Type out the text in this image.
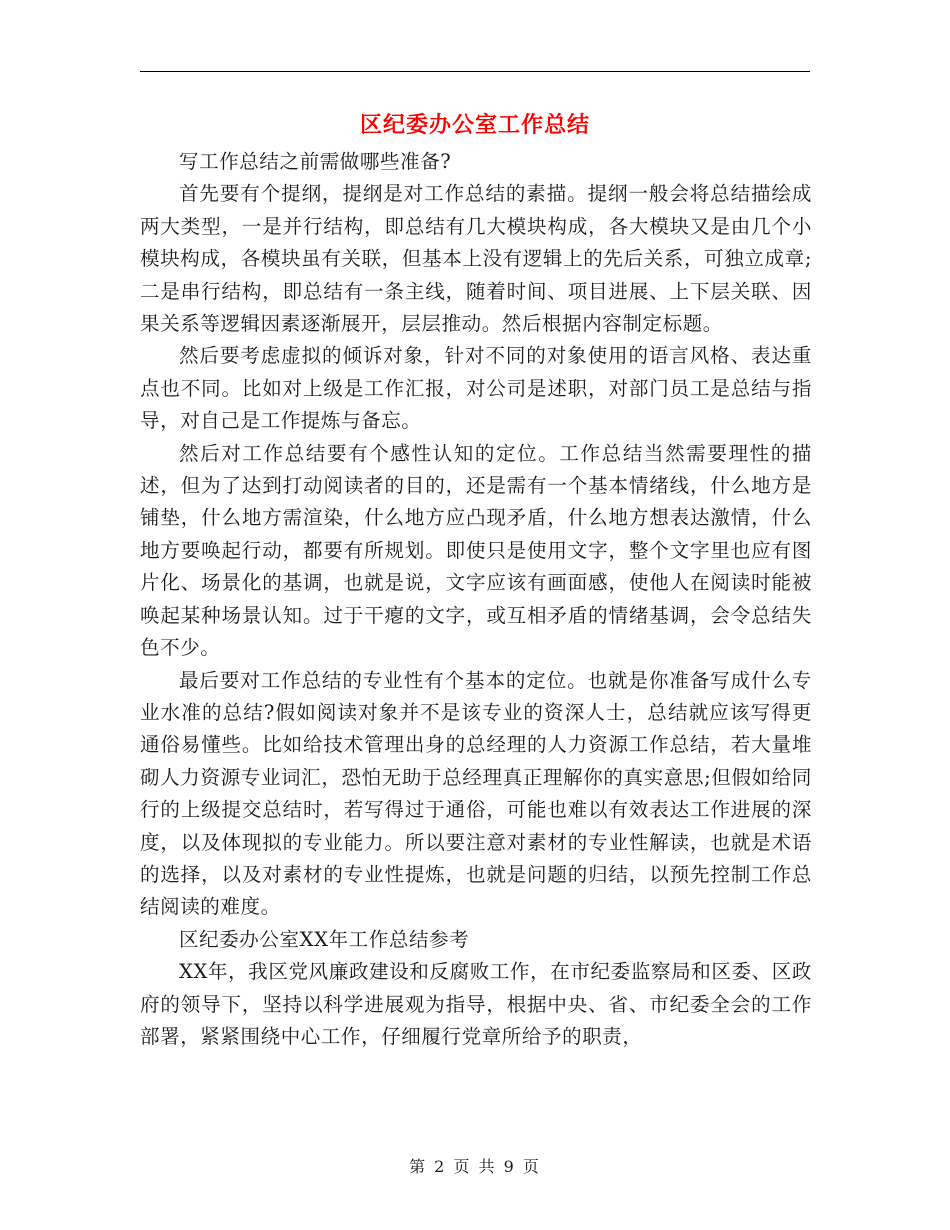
区纪委办公室工作总结

写工作总结之前需做哪些准备?

首先要有个提纲，提纲是对工作总结的素描。提纲一般会将总结描绘成两大类型，一是并行结构，即总结有几大模块构成，各大模块又是由几个小模块构成，各模块虽有关联，但基本上没有逻辑上的先后关系，可独立成章;二是串行结构，即总结有一条主线，随着时间、项目进展、上下层关联、因果关系等逻辑因素逐渐展开，层层推动。然后根据内容制定标题。

然后要考虑虚拟的倾诉对象，针对不同的对象使用的语言风格、表达重点也不同。比如对上级是工作汇报，对公司是述职，对部门员工是总结与指导，对自己是工作提炼与备忘。

然后对工作总结要有个感性认知的定位。工作总结当然需要理性的描述，但为了达到打动阅读者的目的，还是需有一个基本情绪线，什么地方是铺垫，什么地方需渲染，什么地方应凸现矛盾，什么地方想表达激情，什么地方要唤起行动，都要有所规划。即使只是使用文字，整个文字里也应有图片化、场景化的基调，也就是说，文字应该有画面感，使他人在阅读时能被唤起某种场景认知。过于干瘪的文字，或互相矛盾的情绪基调，会令总结失色不少。

最后要对工作总结的专业性有个基本的定位。也就是你准备写成什么专业水准的总结?假如阅读对象并不是该专业的资深人士，总结就应该写得更通俗易懂些。比如给技术管理出身的总经理的人力资源工作总结，若大量堆砌人力资源专业词汇，恐怕无助于总经理真正理解你的真实意思;但假如给同行的上级提交总结时，若写得过于通俗，可能也难以有效表达工作进展的深度，以及体现拟的专业能力。所以要注意对素材的专业性解读，也就是术语的选择，以及对素材的专业性提炼，也就是问题的归结，以预先控制工作总结阅读的难度。

区纪委办公室XX年工作总结参考

XX年，我区党风廉政建设和反腐败工作，在市纪委监察局和区委、区政府的领导下，坚持以科学进展观为指导，根据中央、省、市纪委全会的工作部署，紧紧围绕中心工作，仔细履行党章所给予的职责，

第 2 页 共 9 页
